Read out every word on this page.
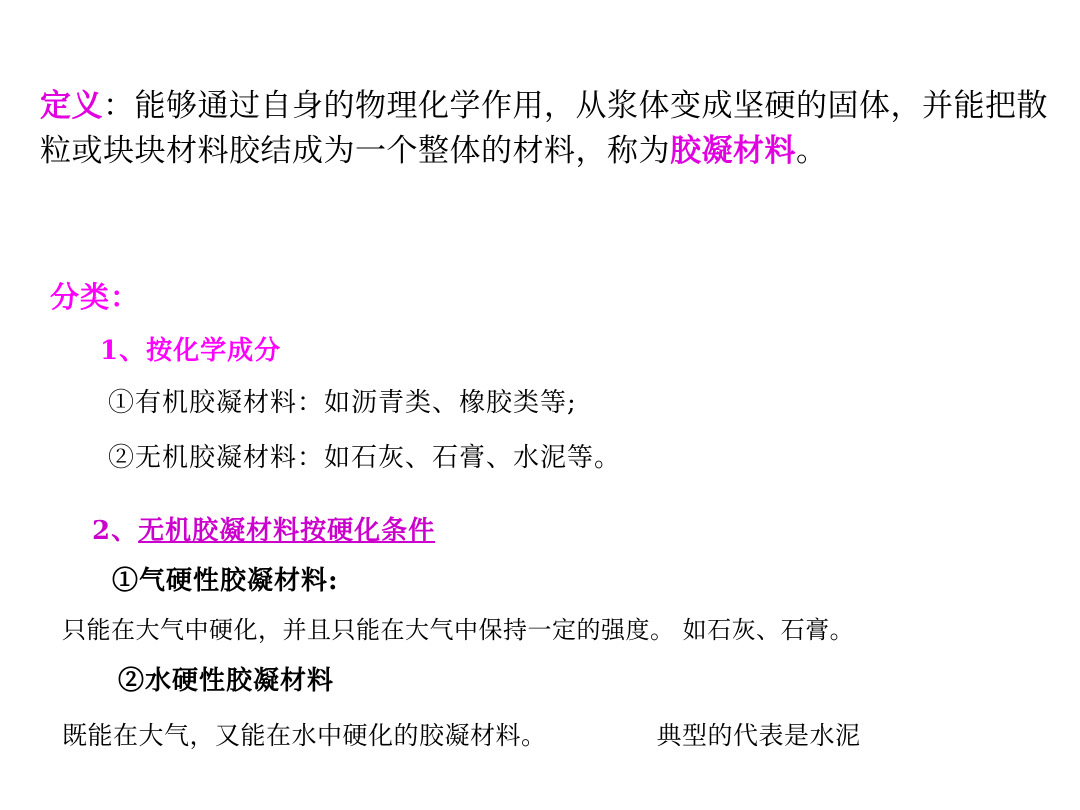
定义：能够通过自身的物理化学作用，从浆体变成坚硬的固体，并能把散粒或块块材料胶结成为一个整体的材料，称为胶凝材料。
分类：
1、按化学成分
①有机胶凝材料：如沥青类、橡胶类等;
②无机胶凝材料：如石灰、石膏、水泥等。
2、无机胶凝材料按硬化条件
①气硬性胶凝材料:
只能在大气中硬化，并且只能在大气中保持一定的强度。 如石灰、石膏。
②水硬性胶凝材料
既能在大气，又能在水中硬化的胶凝材料。	典型的代表是水泥
